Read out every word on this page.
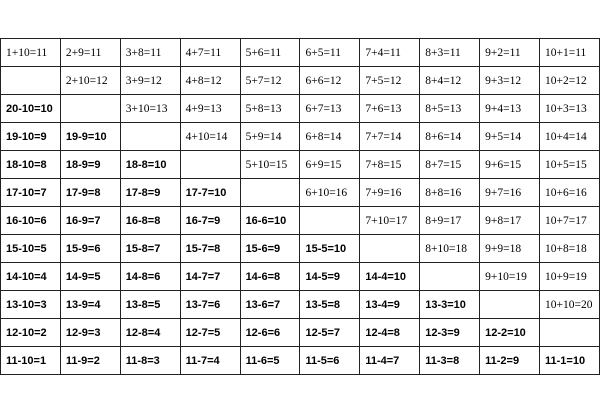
1+10=11	2+9=11	3+8=11	4+7=11	5+6=11	6+5=11	7+4=11	8+3=11	9+2=11	10+1=11
	2+10=12	3+9=12	4+8=12	5+7=12	6+6=12	7+5=12	8+4=12	9+3=12	10+2=12
20-10=10		3+10=13	4+9=13	5+8=13	6+7=13	7+6=13	8+5=13	9+4=13	10+3=13
19-10=9	19-9=10		4+10=14	5+9=14	6+8=14	7+7=14	8+6=14	9+5=14	10+4=14
18-10=8	18-9=9	18-8=10		5+10=15	6+9=15	7+8=15	8+7=15	9+6=15	10+5=15
17-10=7	17-9=8	17-8=9	17-7=10		6+10=16	7+9=16	8+8=16	9+7=16	10+6=16
16-10=6	16-9=7	16-8=8	16-7=9	16-6=10		7+10=17	8+9=17	9+8=17	10+7=17
15-10=5	15-9=6	15-8=7	15-7=8	15-6=9	15-5=10		8+10=18	9+9=18	10+8=18
14-10=4	14-9=5	14-8=6	14-7=7	14-6=8	14-5=9	14-4=10		9+10=19	10+9=19
13-10=3	13-9=4	13-8=5	13-7=6	13-6=7	13-5=8	13-4=9	13-3=10		10+10=20
12-10=2	12-9=3	12-8=4	12-7=5	12-6=6	12-5=7	12-4=8	12-3=9	12-2=10	
11-10=1	11-9=2	11-8=3	11-7=4	11-6=5	11-5=6	11-4=7	11-3=8	11-2=9	11-1=10
